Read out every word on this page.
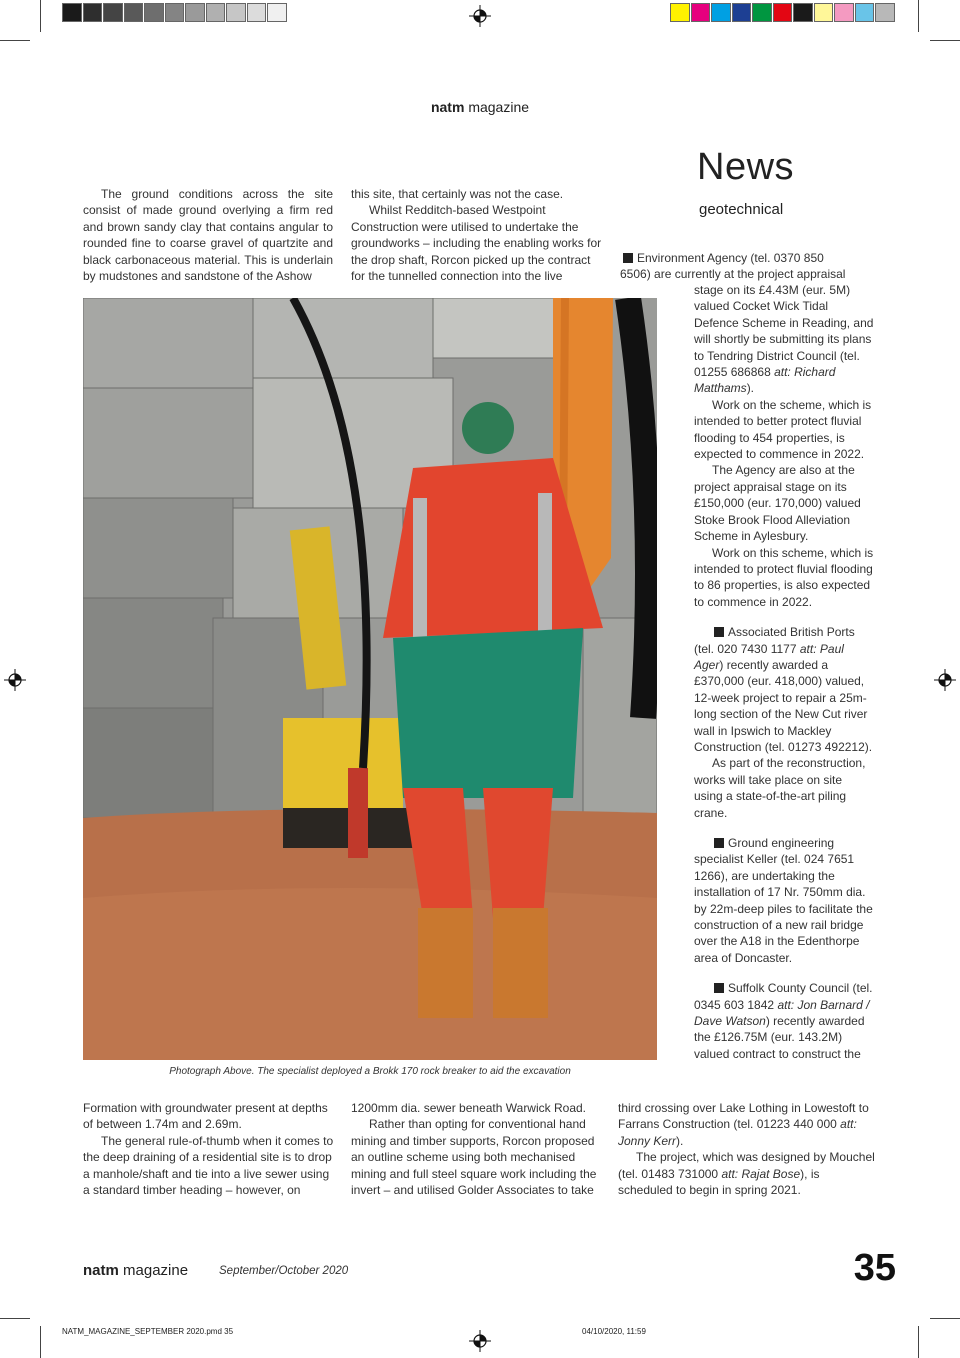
natm magazine
News
geotechnical

The ground conditions across the site consist of made ground overlying a firm red and brown sandy clay that contains angular to rounded fine to coarse gravel of quartzite and black carbonaceous material. This is underlain by mudstones and sandstone of the Ashow

this site, that certainly was not the case.

Whilst Redditch-based Westpoint Construction were utilised to undertake the groundworks – including the enabling works for the drop shaft, Rorcon picked up the contract for the tunnelled connection into the live

Photograph Above. The specialist deployed a Brokk 170 rock breaker to aid the excavation

Formation with groundwater present at depths of between 1.74m and 2.69m.

The general rule-of-thumb when it comes to the deep draining of a residential site is to drop a manhole/shaft and tie into a live sewer using a standard timber heading – however, on

1200mm dia. sewer beneath Warwick Road.

Rather than opting for conventional hand mining and timber supports, Rorcon proposed an outline scheme using both mechanised mining and full steel square work including the invert – and utilised Golder Associates to take

Environment Agency (tel. 0370 850
6506) are currently at the project appraisal

stage on its £4.43M (eur. 5M) valued Cocket Wick Tidal Defence Scheme in Reading, and will shortly be submitting its plans to Tendring District Council (tel. 01255 686868 att: Richard Matthams).

Work on the scheme, which is intended to better protect fluvial flooding to 454 properties, is expected to commence in 2022.

The Agency are also at the project appraisal stage on its £150,000 (eur. 170,000) valued Stoke Brook Flood Alleviation Scheme in Aylesbury.

Work on this scheme, which is intended to protect fluvial flooding to 86 properties, is also expected to commence in 2022.

Associated British Ports (tel. 020 7430 1177 att: Paul Ager) recently awarded a £370,000 (eur. 418,000) valued, 12-week project to repair a 25m-long section of the New Cut river wall in Ipswich to Mackley Construction (tel. 01273 492212).

As part of the reconstruction, works will take place on site using a state-of-the-art piling crane.

Ground engineering specialist Keller (tel. 024 7651 1266), are undertaking the installation of 17 Nr. 750mm dia. by 22m-deep piles to facilitate the construction of a new rail bridge over the A18 in the Edenthorpe area of Doncaster.

Suffolk County Council (tel. 0345 603 1842 att: Jon Barnard / Dave Watson) recently awarded the £126.75M (eur. 143.2M) valued contract to construct the

third crossing over Lake Lothing in Lowestoft to Farrans Construction (tel. 01223 440 000 att: Jonny Kerr).

The project, which was designed by Mouchel (tel. 01483 731000 att: Rajat Bose), is scheduled to begin in spring 2021.

natm magazine	September/October 2020	35
NATM_MAGAZINE_SEPTEMBER 2020.pmd 35	04/10/2020, 11:59
